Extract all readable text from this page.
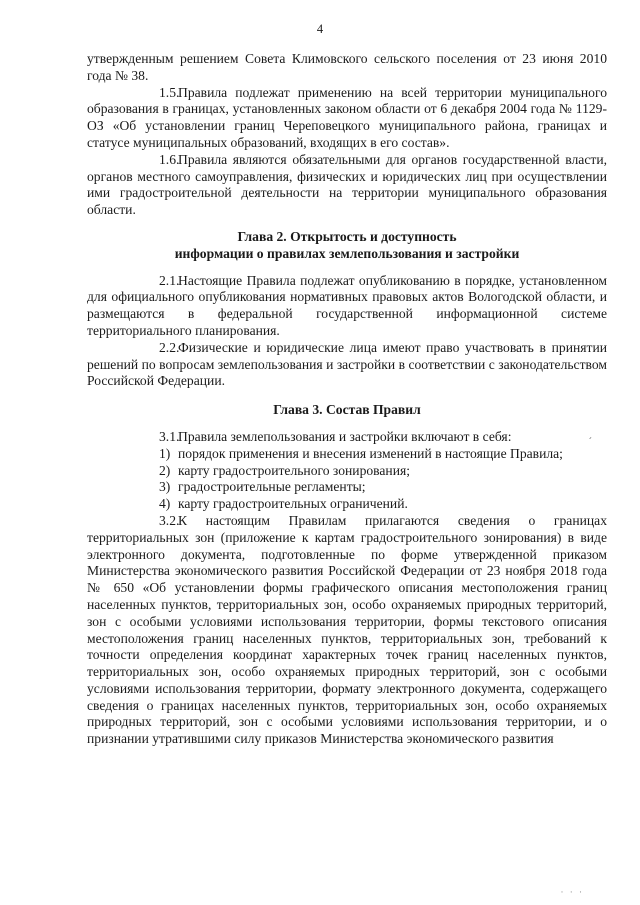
4

утвержденным решением Совета Климовского сельского поселения от 23 июня 2010 года № 38.

1.5.Правила подлежат применению на всей территории муниципального образования в границах, установленных законом области от 6 декабря 2004 года № 1129-ОЗ «Об установлении границ Череповецкого муниципального района, границах и статусе муниципальных образований, входящих в его состав».

1.6.Правила являются обязательными для органов государственной власти, органов местного самоуправления, физических и юридических лиц при осуществлении ими градостроительной деятельности на территории муниципального образования области.

Глава 2. Открытость и доступность

информации о правилах землепользования и застройки

2.1.Настоящие Правила подлежат опубликованию в порядке, установленном для официального опубликования нормативных правовых актов Вологодской области, и размещаются в федеральной государственной информационной системе территориального планирования.

2.2.Физические и юридические лица имеют право участвовать в принятии решений по вопросам землепользования и застройки в соответствии с законодательством Российской Федерации.

Глава 3. Состав Правил

3.1.Правила землепользования и застройки включают в себя:

1) порядок применения и внесения изменений в настоящие Правила;

2) карту градостроительного зонирования;

3) градостроительные регламенты;

4) карту градостроительных ограничений.

3.2.К настоящим Правилам прилагаются сведения о границах территориальных зон (приложение к картам градостроительного зонирования) в виде электронного документа, подготовленные по форме утвержденной приказом Министерства экономического развития Российской Федерации от 23 ноября 2018 года № 650 «Об установлении формы графического описания местоположения границ населенных пунктов, территориальных зон, особо охраняемых природных территорий, зон с особыми условиями использования территории, формы текстового описания местоположения границ населенных пунктов, территориальных зон, требований к точности определения координат характерных точек границ населенных пунктов, территориальных зон, особо охраняемых природных территорий, зон с особыми условиями использования территории, формату электронного документа, содержащего сведения о границах населенных пунктов, территориальных зон, особо охраняемых природных территорий, зон с особыми условиями использования территории, и о признании утратившими силу приказов Министерства экономического развития

ˊ
· · ·
